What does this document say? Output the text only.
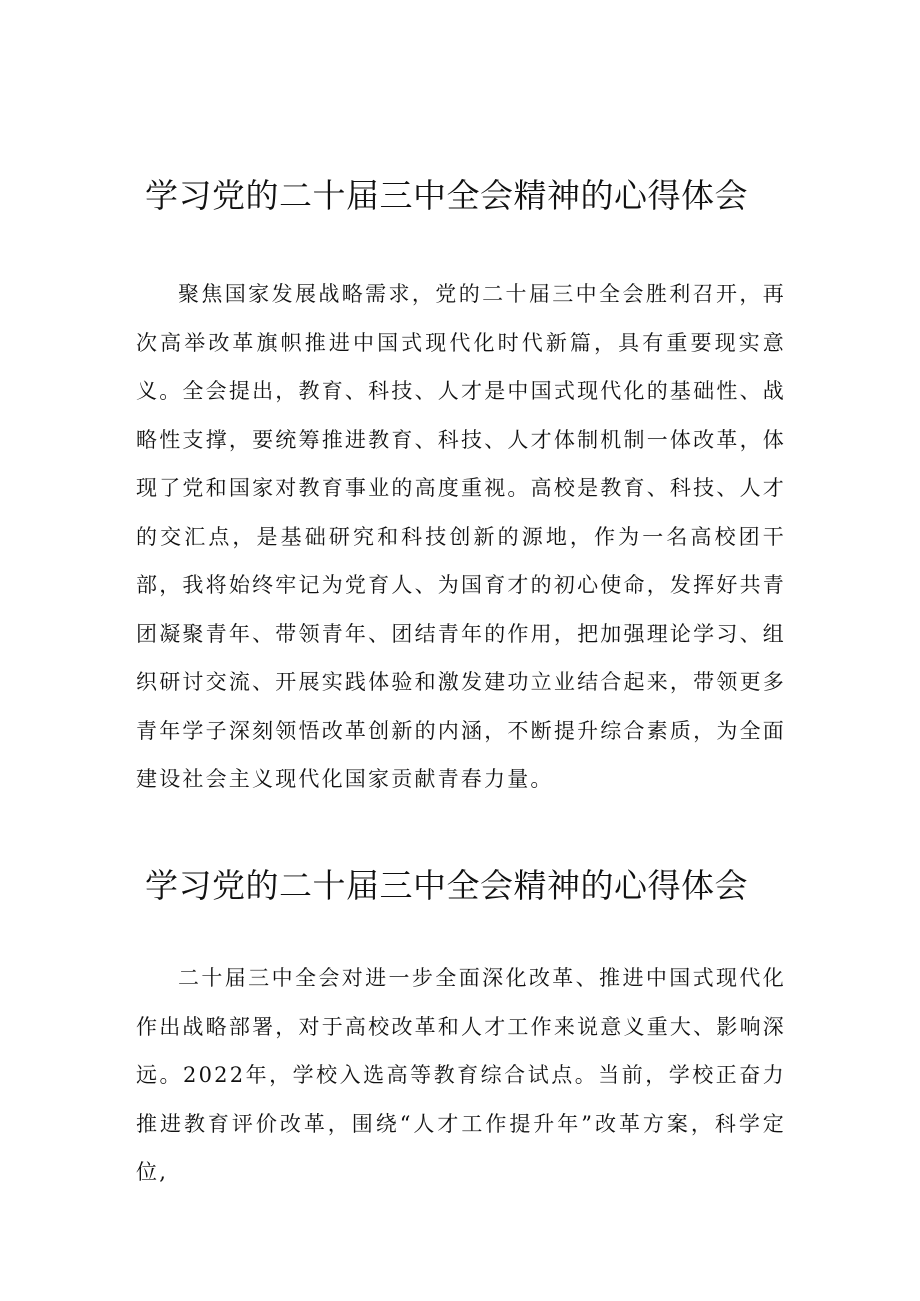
学习党的二十届三中全会精神的心得体会

聚焦国家发展战略需求，党的二十届三中全会胜利召开，再次高举改革旗帜推进中国式现代化时代新篇，具有重要现实意义。全会提出，教育、科技、人才是中国式现代化的基础性、战略性支撑，要统筹推进教育、科技、人才体制机制一体改革，体现了党和国家对教育事业的高度重视。高校是教育、科技、人才的交汇点，是基础研究和科技创新的源地，作为一名高校团干部，我将始终牢记为党育人、为国育才的初心使命，发挥好共青团凝聚青年、带领青年、团结青年的作用，把加强理论学习、组织研讨交流、开展实践体验和激发建功立业结合起来，带领更多青年学子深刻领悟改革创新的内涵，不断提升综合素质，为全面建设社会主义现代化国家贡献青春力量。

学习党的二十届三中全会精神的心得体会

二十届三中全会对进一步全面深化改革、推进中国式现代化作出战略部署，对于高校改革和人才工作来说意义重大、影响深远。2022年，学校入选高等教育综合试点。当前，学校正奋力推进教育评价改革，围绕“人才工作提升年”改革方案，科学定位,
